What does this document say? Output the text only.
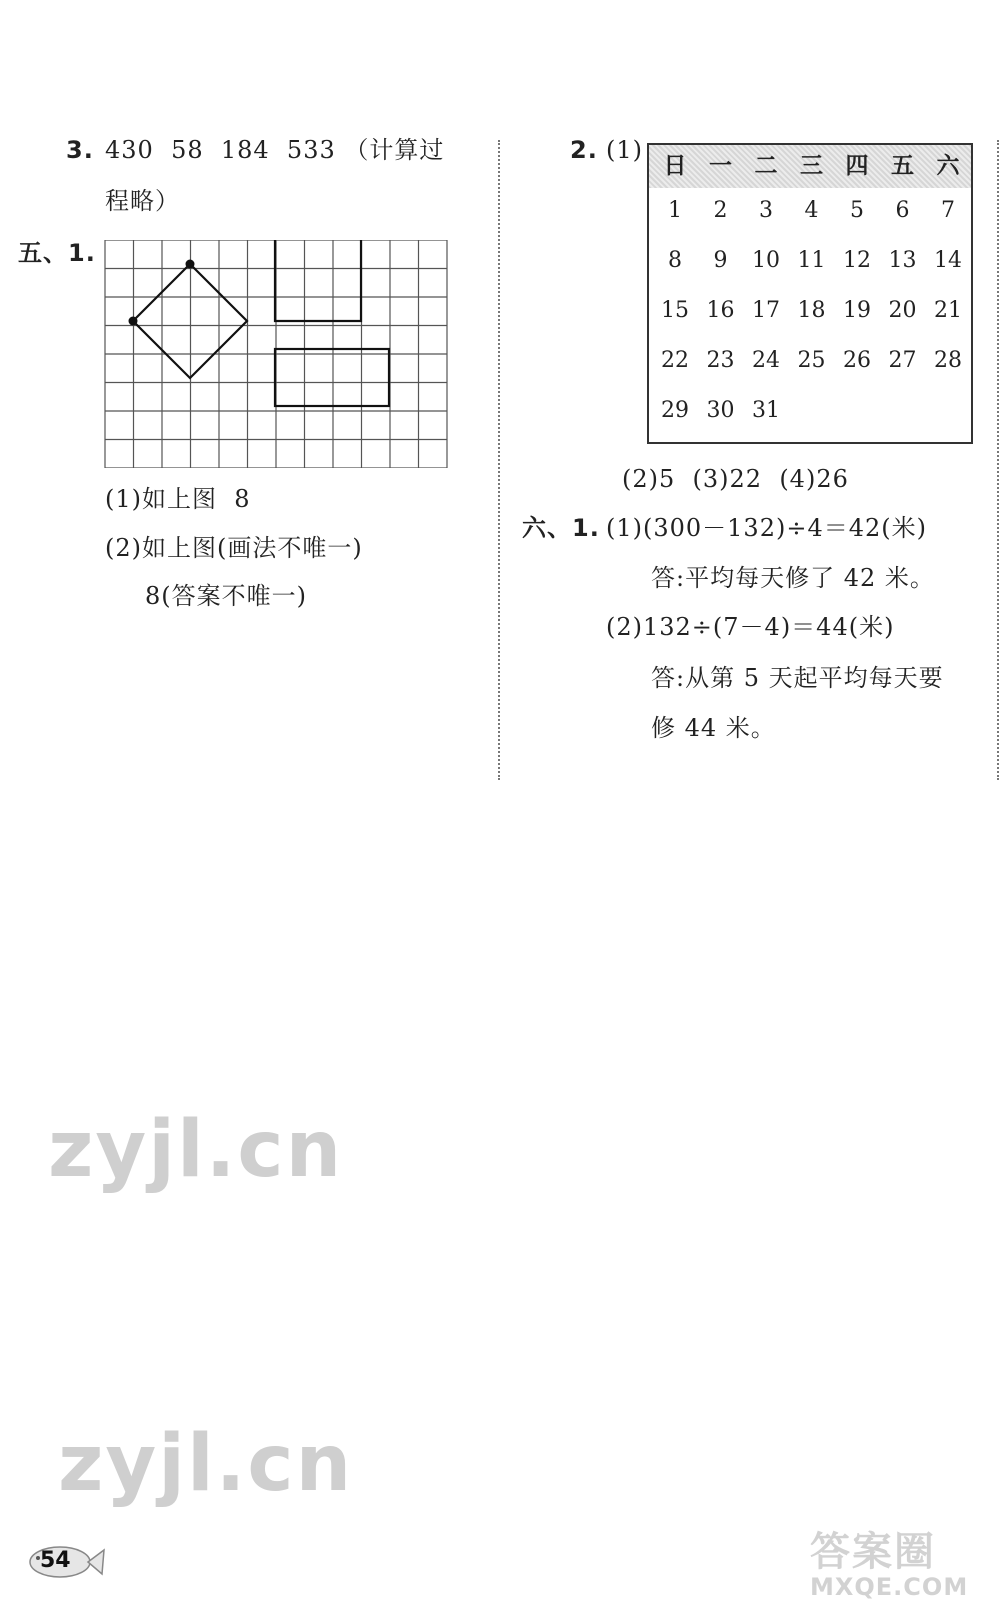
3. 430  58  184  533 （计算过
程略）
五、1.
(1)如上图  8
(2)如上图(画法不唯一)
8(答案不唯一)
2. (1)
日 一 二 三 四 五 六
1	2	3	4	5	6	7
8	9	10 11 12 13 14
15 16 17 18 19 20 21
22 23 24 25 26 27 28
29 30 31
(2)5  (3)22  (4)26
六、1. (1)(300－132)÷4＝42(米)
答:平均每天修了 42 米。
(2)132÷(7－4)＝44(米)
答:从第 5 天起平均每天要
修 44 米。
zyjl.cn
zyjl.cn
54	答案圈
MXQE.COM
